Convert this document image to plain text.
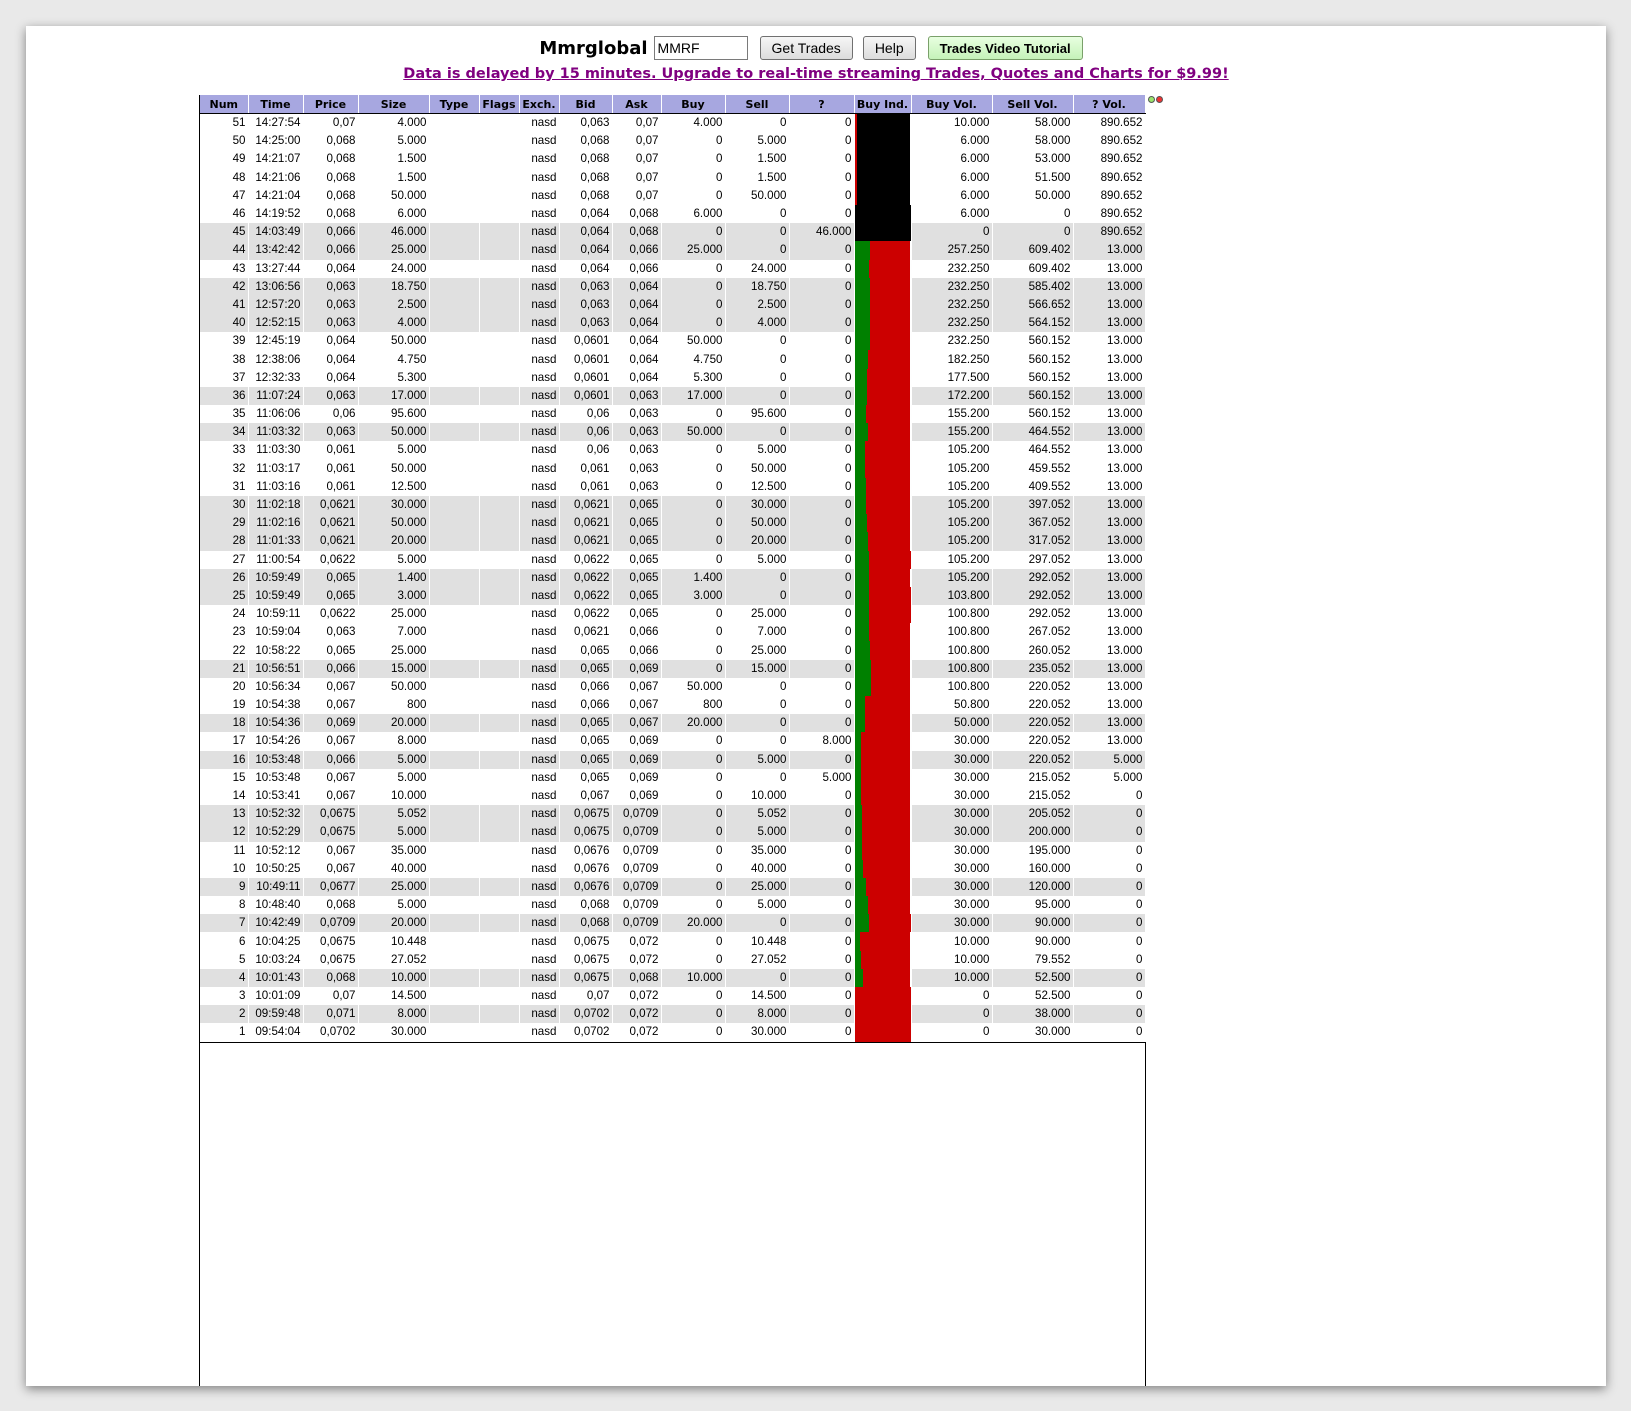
Mmrglobal
MMRF	Get Trades	Help	Trades Video Tutorial
Data is delayed by 15 minutes. Upgrade to real-time streaming Trades, Quotes and Charts for $9.99!
Num	Time	Price	Size	Type	Flags	Exch.	Bid	Ask	Buy	Sell	?	Buy Ind.	Buy Vol.	Sell Vol.	? Vol.
51	14:27:54	0,07	4.000			nasd	0,063	0,07	4.000	0	0		10.000	58.000	890.652
50	14:25:00	0,068	5.000			nasd	0,068	0,07	0	5.000	0		6.000	58.000	890.652
49	14:21:07	0,068	1.500			nasd	0,068	0,07	0	1.500	0		6.000	53.000	890.652
48	14:21:06	0,068	1.500			nasd	0,068	0,07	0	1.500	0		6.000	51.500	890.652
47	14:21:04	0,068	50.000			nasd	0,068	0,07	0	50.000	0		6.000	50.000	890.652
46	14:19:52	0,068	6.000			nasd	0,064	0,068	6.000	0	0		6.000	0	890.652
45	14:03:49	0,066	46.000			nasd	0,064	0,068	0	0	46.000		0	0	890.652
44	13:42:42	0,066	25.000			nasd	0,064	0,066	25.000	0	0		257.250	609.402	13.000
43	13:27:44	0,064	24.000			nasd	0,064	0,066	0	24.000	0		232.250	609.402	13.000
42	13:06:56	0,063	18.750			nasd	0,063	0,064	0	18.750	0		232.250	585.402	13.000
41	12:57:20	0,063	2.500			nasd	0,063	0,064	0	2.500	0		232.250	566.652	13.000
40	12:52:15	0,063	4.000			nasd	0,063	0,064	0	4.000	0		232.250	564.152	13.000
39	12:45:19	0,064	50.000			nasd	0,0601	0,064	50.000	0	0		232.250	560.152	13.000
38	12:38:06	0,064	4.750			nasd	0,0601	0,064	4.750	0	0		182.250	560.152	13.000
37	12:32:33	0,064	5.300			nasd	0,0601	0,064	5.300	0	0		177.500	560.152	13.000
36	11:07:24	0,063	17.000			nasd	0,0601	0,063	17.000	0	0		172.200	560.152	13.000
35	11:06:06	0,06	95.600			nasd	0,06	0,063	0	95.600	0		155.200	560.152	13.000
34	11:03:32	0,063	50.000			nasd	0,06	0,063	50.000	0	0		155.200	464.552	13.000
33	11:03:30	0,061	5.000			nasd	0,06	0,063	0	5.000	0		105.200	464.552	13.000
32	11:03:17	0,061	50.000			nasd	0,061	0,063	0	50.000	0		105.200	459.552	13.000
31	11:03:16	0,061	12.500			nasd	0,061	0,063	0	12.500	0		105.200	409.552	13.000
30	11:02:18	0,0621	30.000			nasd	0,0621	0,065	0	30.000	0		105.200	397.052	13.000
29	11:02:16	0,0621	50.000			nasd	0,0621	0,065	0	50.000	0		105.200	367.052	13.000
28	11:01:33	0,0621	20.000			nasd	0,0621	0,065	0	20.000	0		105.200	317.052	13.000
27	11:00:54	0,0622	5.000			nasd	0,0622	0,065	0	5.000	0		105.200	297.052	13.000
26	10:59:49	0,065	1.400			nasd	0,0622	0,065	1.400	0	0		105.200	292.052	13.000
25	10:59:49	0,065	3.000			nasd	0,0622	0,065	3.000	0	0		103.800	292.052	13.000
24	10:59:11	0,0622	25.000			nasd	0,0622	0,065	0	25.000	0		100.800	292.052	13.000
23	10:59:04	0,063	7.000			nasd	0,0621	0,066	0	7.000	0		100.800	267.052	13.000
22	10:58:22	0,065	25.000			nasd	0,065	0,066	0	25.000	0		100.800	260.052	13.000
21	10:56:51	0,066	15.000			nasd	0,065	0,069	0	15.000	0		100.800	235.052	13.000
20	10:56:34	0,067	50.000			nasd	0,066	0,067	50.000	0	0		100.800	220.052	13.000
19	10:54:38	0,067	800			nasd	0,066	0,067	800	0	0		50.800	220.052	13.000
18	10:54:36	0,069	20.000			nasd	0,065	0,067	20.000	0	0		50.000	220.052	13.000
17	10:54:26	0,067	8.000			nasd	0,065	0,069	0	0	8.000		30.000	220.052	13.000
16	10:53:48	0,066	5.000			nasd	0,065	0,069	0	5.000	0		30.000	220.052	5.000
15	10:53:48	0,067	5.000			nasd	0,065	0,069	0	0	5.000		30.000	215.052	5.000
14	10:53:41	0,067	10.000			nasd	0,067	0,069	0	10.000	0		30.000	215.052	0
13	10:52:32	0,0675	5.052			nasd	0,0675	0,0709	0	5.052	0		30.000	205.052	0
12	10:52:29	0,0675	5.000			nasd	0,0675	0,0709	0	5.000	0		30.000	200.000	0
11	10:52:12	0,067	35.000			nasd	0,0676	0,0709	0	35.000	0		30.000	195.000	0
10	10:50:25	0,067	40.000			nasd	0,0676	0,0709	0	40.000	0		30.000	160.000	0
9	10:49:11	0,0677	25.000			nasd	0,0676	0,0709	0	25.000	0		30.000	120.000	0
8	10:48:40	0,068	5.000			nasd	0,068	0,0709	0	5.000	0		30.000	95.000	0
7	10:42:49	0,0709	20.000			nasd	0,068	0,0709	20.000	0	0		30.000	90.000	0
6	10:04:25	0,0675	10.448			nasd	0,0675	0,072	0	10.448	0		10.000	90.000	0
5	10:03:24	0,0675	27.052			nasd	0,0675	0,072	0	27.052	0		10.000	79.552	0
4	10:01:43	0,068	10.000			nasd	0,0675	0,068	10.000	0	0		10.000	52.500	0
3	10:01:09	0,07	14.500			nasd	0,07	0,072	0	14.500	0		0	52.500	0
2	09:59:48	0,071	8.000			nasd	0,0702	0,072	0	8.000	0		0	38.000	0
1	09:54:04	0,0702	30.000			nasd	0,0702	0,072	0	30.000	0		0	30.000	0
